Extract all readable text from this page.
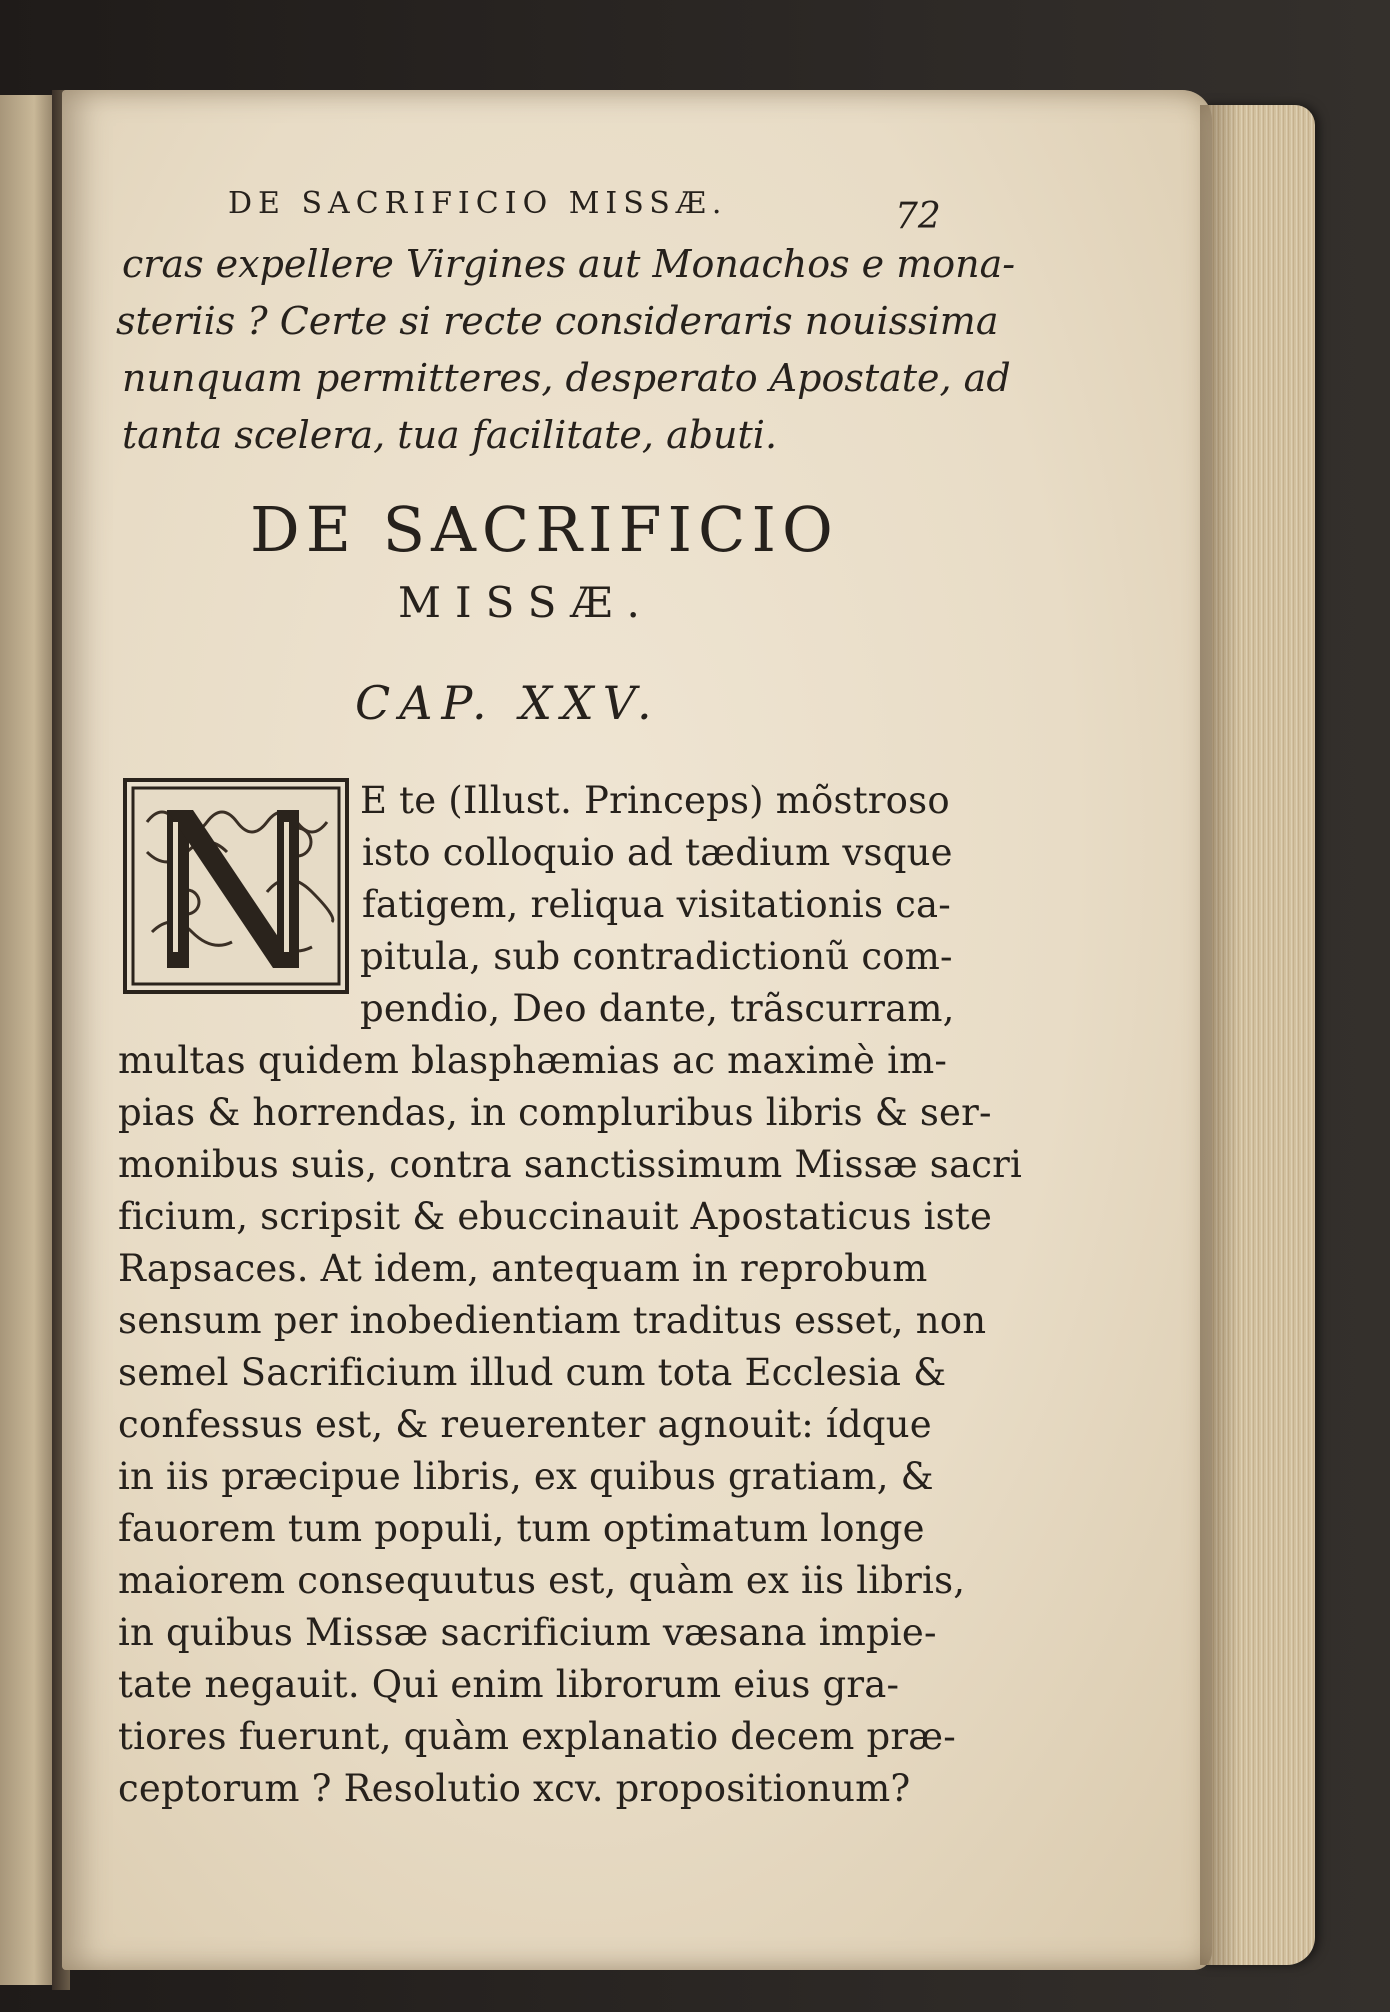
DE SACRIFICIO MISSÆ.	72
cras expellere Virgines aut Monachos e mona-
steriis ? Certe si recte consideraris nouissima
nunquam permitteres, desperato Apostate, ad
tanta scelera, tua facilitate, abuti.
DE SACRIFICIO
MISSÆ.
CAP. XXV.
E te (Illust. Princeps) mõstroso
isto colloquio ad tædium vsque
fatigem, reliqua visitationis ca-
pitula, sub contradictionũ com-
pendio, Deo dante, trãscurram,
multas quidem blasphæmias ac maximè im-
pias & horrendas, in compluribus libris & ser-
monibus suis, contra sanctissimum Missæ sacri
ficium, scripsit & ebuccinauit Apostaticus iste
Rapsaces. At idem, antequam in reprobum
sensum per inobedientiam traditus esset, non
semel Sacrificium illud cum tota Ecclesia &
confessus est, & reuerenter agnouit: ídque
in iis præcipue libris, ex quibus gratiam, &
fauorem tum populi, tum optimatum longe
maiorem consequutus est, quàm ex iis libris,
in quibus Missæ sacrificium væsana impie-
tate negauit. Qui enim librorum eius gra-
tiores fuerunt, quàm explanatio decem præ-
ceptorum ? Resolutio xcv. propositionum?
